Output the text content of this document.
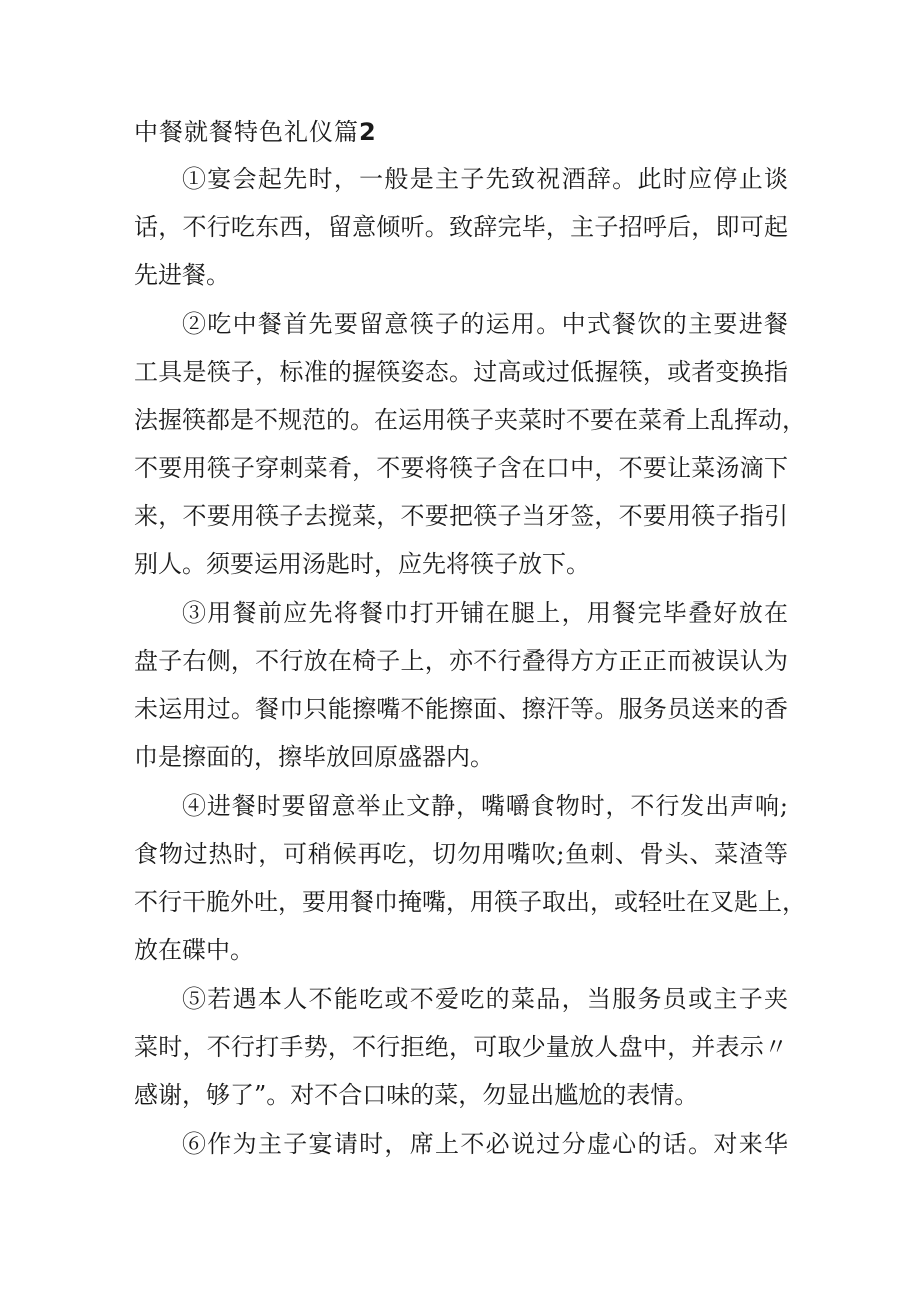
中餐就餐特色礼仪篇2
①宴会起先时，一般是主子先致祝酒辞。此时应停止谈
话，不行吃东西，留意倾听。致辞完毕，主子招呼后，即可起
先进餐。
②吃中餐首先要留意筷子的运用。中式餐饮的主要进餐
工具是筷子，标准的握筷姿态。过高或过低握筷，或者变换指
法握筷都是不规范的。在运用筷子夹菜时不要在菜肴上乱挥动，
不要用筷子穿刺菜肴，不要将筷子含在口中，不要让菜汤滴下
来，不要用筷子去搅菜，不要把筷子当牙签，不要用筷子指引
别人。须要运用汤匙时，应先将筷子放下。
③用餐前应先将餐巾打开铺在腿上，用餐完毕叠好放在
盘子右侧，不行放在椅子上，亦不行叠得方方正正而被误认为
未运用过。餐巾只能擦嘴不能擦面、擦汗等。服务员送来的香
巾是擦面的，擦毕放回原盛器内。
④进餐时要留意举止文静，嘴嚼食物时，不行发出声响;
食物过热时，可稍候再吃，切勿用嘴吹;鱼刺、骨头、菜渣等
不行干脆外吐，要用餐巾掩嘴，用筷子取出，或轻吐在叉匙上，
放在碟中。
⑤若遇本人不能吃或不爱吃的菜品，当服务员或主子夹
菜时，不行打手势，不行拒绝，可取少量放人盘中，并表示〃
感谢，够了”。对不合口味的菜，勿显出尴尬的表情。
⑥作为主子宴请时，席上不必说过分虚心的话。对来华
